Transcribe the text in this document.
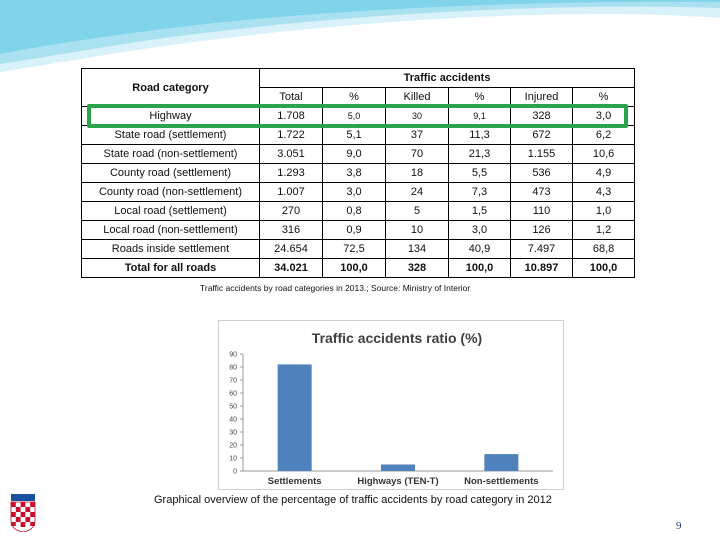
Road category	Traffic accidents					
	Total	%	Killed	%	Injured	%
Highway	1.708	5,0	30	9,1	328	3,0
State road (settlement)	1.722	5,1	37	11,3	672	6,2
State road (non-settlement)	3.051	9,0	70	21,3	1.155	10,6
County road (settlement)	1.293	3,8	18	5,5	536	4,9
County road (non-settlement)	1.007	3,0	24	7,3	473	4,3
Local road (settlement)	270	0,8	5	1,5	110	1,0
Local road (non-settlement)	316	0,9	10	3,0	126	1,2
Roads inside settlement	24.654	72,5	134	40,9	7.497	68,8
Total for all roads	34.021	100,0	328	100,0	10.897	100,0
Traffic accidents by road categories in 2013.; Source: Ministry of Interior
Traffic accidents ratio (%)
0
10
20
30
40
50
60
70
80
90
Settlements	Highways (TEN-T)	Non-settlements
Graphical overview of the percentage of traffic accidents by road category in 2012
9
